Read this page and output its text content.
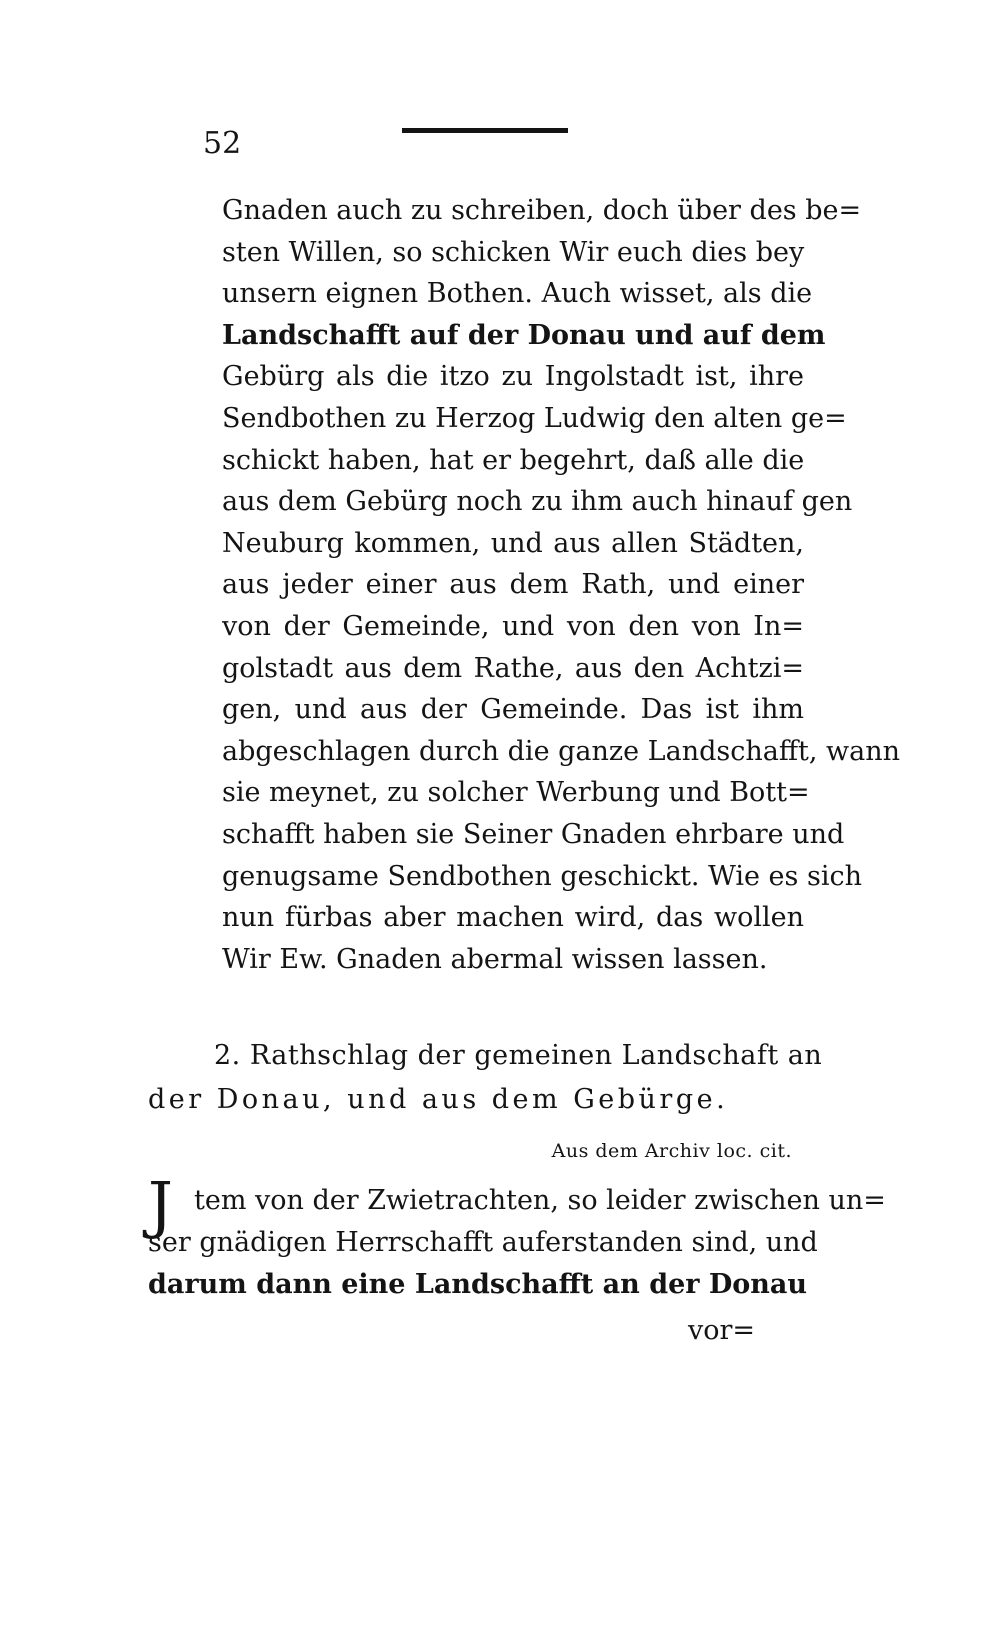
52
Gnaden auch zu schreiben, doch über des be=
sten Willen, so schicken Wir euch dies bey
unsern eignen Bothen. Auch wisset, als die
Landschafft auf der Donau und auf dem
Gebürg als die itzo zu Ingolstadt ist, ihre
Sendbothen zu Herzog Ludwig den alten ge=
schickt haben, hat er begehrt, daß alle die
aus dem Gebürg noch zu ihm auch hinauf gen
Neuburg kommen, und aus allen Städten,
aus jeder einer aus dem Rath, und einer
von der Gemeinde, und von den von In=
golstadt aus dem Rathe, aus den Achtzi=
gen, und aus der Gemeinde. Das ist ihm
abgeschlagen durch die ganze Landschafft, wann
sie meynet, zu solcher Werbung und Bott=
schafft haben sie Seiner Gnaden ehrbare und
genugsame Sendbothen geschickt. Wie es sich
nun fürbas aber machen wird, das wollen
Wir Ew. Gnaden abermal wissen lassen.
2. Rathschlag der gemeinen Landschaft an
der Donau, und aus dem Gebürge.
Aus dem Archiv loc. cit.
J tem von der Zwietrachten, so leider zwischen un=
ser gnädigen Herrschafft auferstanden sind, und
darum dann eine Landschafft an der Donau
vor=
